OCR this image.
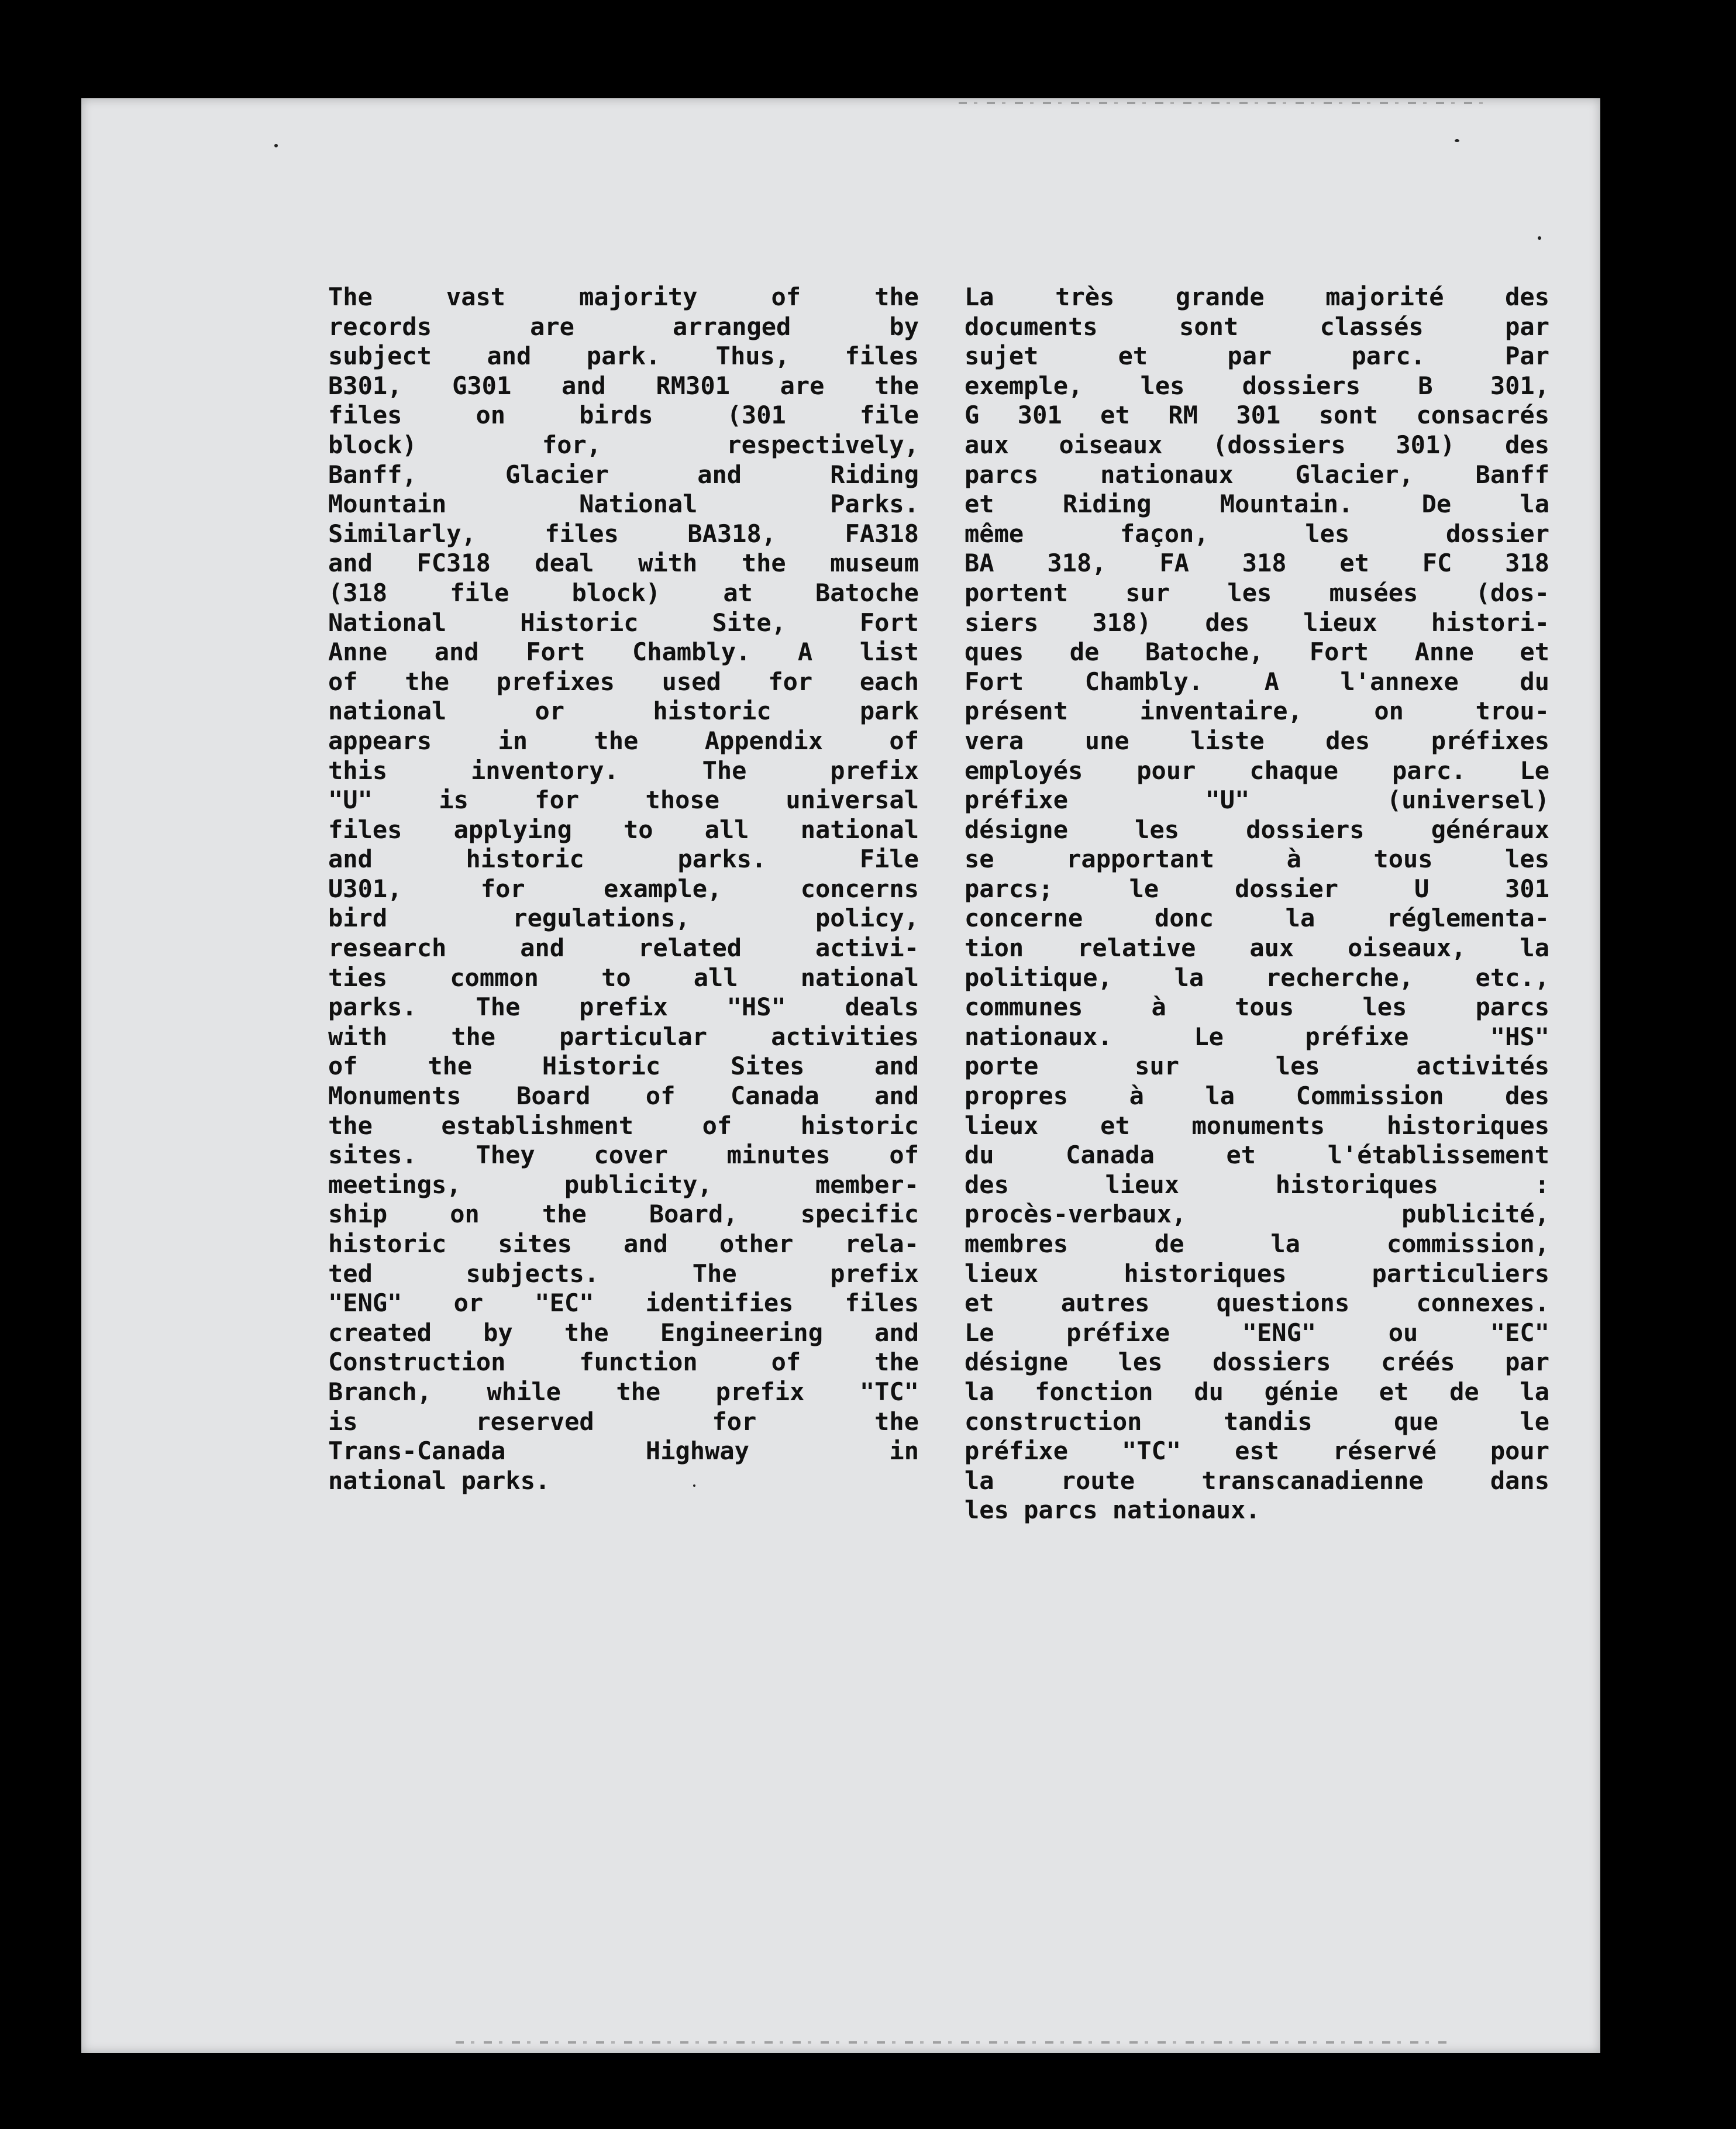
The vast majority of the
records are arranged by
subject and park. Thus, files
B301, G301 and RM301 are the
files on birds (301 file
block) for, respectively,
Banff, Glacier and Riding
Mountain National Parks.
Similarly, files BA318, FA318
and FC318 deal with the museum
(318 file block) at Batoche
National Historic Site, Fort
Anne and Fort Chambly. A list
of the prefixes used for each
national or historic park
appears in the Appendix of
this inventory. The prefix
"U" is for those universal
files applying to all national
and historic parks. File
U301, for example, concerns
bird regulations, policy,
research and related activi-
ties common to all national
parks. The prefix "HS" deals
with the particular activities
of the Historic Sites and
Monuments Board of Canada and
the establishment of historic
sites. They cover minutes of
meetings, publicity, member-
ship on the Board, specific
historic sites and other rela-
ted subjects. The prefix
"ENG" or "EC" identifies files
created by the Engineering and
Construction function of the
Branch, while the prefix "TC"
is reserved for the
Trans-Canada Highway in
national parks.
La très grande majorité des
documents sont classés par
sujet et par parc. Par
exemple, les dossiers B 301,
G 301 et RM 301 sont consacrés
aux oiseaux (dossiers 301) des
parcs nationaux Glacier, Banff
et Riding Mountain. De la
même façon, les dossier
BA 318, FA 318 et FC 318
portent sur les musées (dos-
siers 318) des lieux histori-
ques de Batoche, Fort Anne et
Fort Chambly. A l'annexe du
présent inventaire, on trou-
vera une liste des préfixes
employés pour chaque parc. Le
préfixe "U" (universel)
désigne les dossiers généraux
se rapportant à tous les
parcs; le dossier U 301
concerne donc la réglementa-
tion relative aux oiseaux, la
politique, la recherche, etc.,
communes à tous les parcs
nationaux. Le préfixe "HS"
porte sur les activités
propres à la Commission des
lieux et monuments historiques
du Canada et l'établissement
des lieux historiques :
procès-verbaux, publicité,
membres de la commission,
lieux historiques particuliers
et autres questions connexes.
Le préfixe "ENG" ou "EC"
désigne les dossiers créés par
la fonction du génie et de la
construction tandis que le
préfixe "TC" est réservé pour
la route transcanadienne dans
les parcs nationaux.
